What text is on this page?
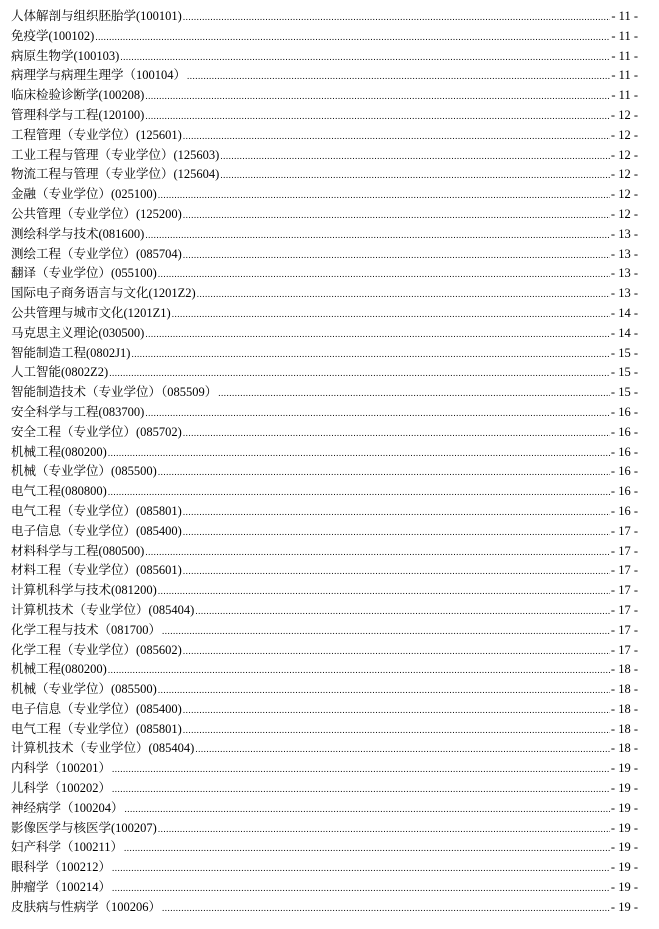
人体解剖与组织胚胎学(100101) .....	- 11 -
免疫学(100102) .....	- 11 -
病原生物学(100103) .....	- 11 -
病理学与病理生理学（100104） .....	- 11 -
临床检验诊断学(100208) .....	- 11 -
管理科学与工程(120100) .....	- 12 -
工程管理（专业学位）(125601) .....	- 12 -
工业工程与管理（专业学位）(125603) .....	- 12 -
物流工程与管理（专业学位）(125604) .....	- 12 -
金融（专业学位）(025100) .....	- 12 -
公共管理（专业学位）(125200) .....	- 12 -
测绘科学与技术(081600) .....	- 13 -
测绘工程（专业学位）(085704) .....	- 13 -
翻译（专业学位）(055100) .....	- 13 -
国际电子商务语言与文化(1201Z2) .....	- 13 -
公共管理与城市文化(1201Z1) .....	- 14 -
马克思主义理论(030500) .....	- 14 -
智能制造工程(0802J1) .....	- 15 -
人工智能(0802Z2) .....	- 15 -
智能制造技术（专业学位）（085509） .....	- 15 -
安全科学与工程(083700) .....	- 16 -
安全工程（专业学位）(085702) .....	- 16 -
机械工程(080200) .....	- 16 -
机械（专业学位）(085500) .....	- 16 -
电气工程(080800) .....	- 16 -
电气工程（专业学位）(085801) .....	- 16 -
电子信息（专业学位）(085400) .....	- 17 -
材料科学与工程(080500) .....	- 17 -
材料工程（专业学位）(085601) .....	- 17 -
计算机科学与技术(081200) .....	- 17 -
计算机技术（专业学位）(085404) .....	- 17 -
化学工程与技术（081700） .....	- 17 -
化学工程（专业学位）(085602) .....	- 17 -
机械工程(080200) .....	- 18 -
机械（专业学位）(085500) .....	- 18 -
电子信息（专业学位）(085400) .....	- 18 -
电气工程（专业学位）(085801) .....	- 18 -
计算机技术（专业学位）(085404) .....	- 18 -
内科学（100201） .....	- 19 -
儿科学（100202） .....	- 19 -
神经病学（100204） .....	- 19 -
影像医学与核医学(100207) .....	- 19 -
妇产科学（100211） .....	- 19 -
眼科学（100212） .....	- 19 -
肿瘤学（100214） .....	- 19 -
皮肤病与性病学（100206） .....	- 19 -
